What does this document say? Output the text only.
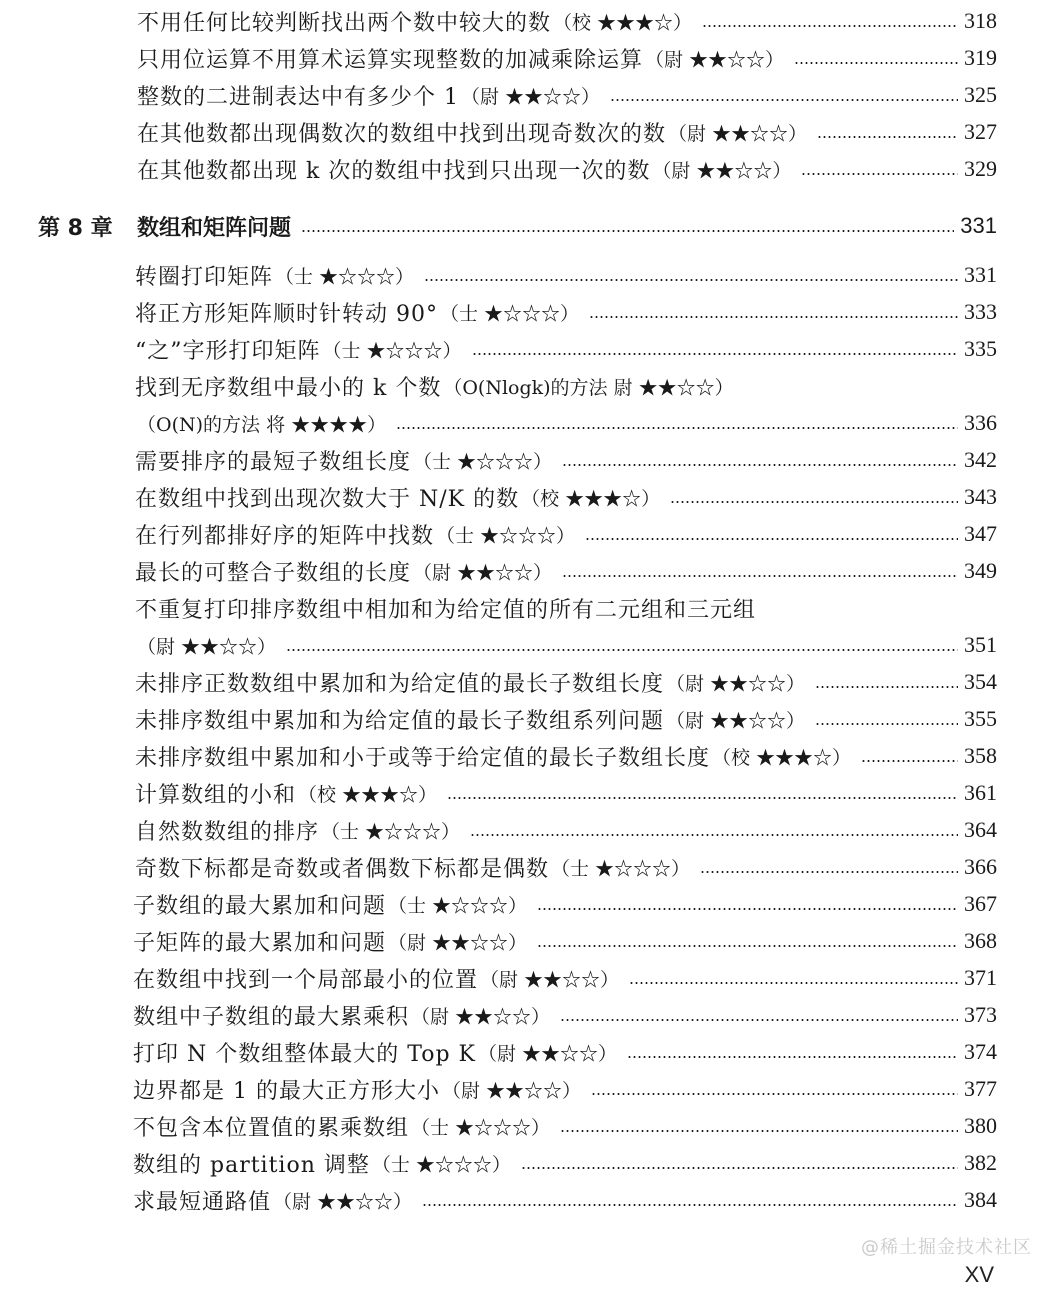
不用任何比较判断找出两个数中较大的数 （校 ★★★☆）	318
只用位运算不用算术运算实现整数的加减乘除运算 （尉 ★★☆☆）	319
整数的二进制表达中有多少个 1 （尉 ★★☆☆）	325
在其他数都出现偶数次的数组中找到出现奇数次的数 （尉 ★★☆☆）	327
在其他数都出现 k 次的数组中找到只出现一次的数 （尉 ★★☆☆）	329
第 8 章 数组和矩阵问题	331
转圈打印矩阵 （士 ★☆☆☆）	331
将正方形矩阵顺时针转动 90° （士 ★☆☆☆）	333
“之”字形打印矩阵 （士 ★☆☆☆）	335
找到无序数组中最小的 k 个数 （O(Nlogk)的方法 尉 ★★☆☆）
（O(N)的方法 将 ★★★★）	336
需要排序的最短子数组长度 （士 ★☆☆☆）	342
在数组中找到出现次数大于 N/K 的数 （校 ★★★☆）	343
在行列都排好序的矩阵中找数 （士 ★☆☆☆）	347
最长的可整合子数组的长度 （尉 ★★☆☆）	349
不重复打印排序数组中相加和为给定值的所有二元组和三元组
（尉 ★★☆☆）	351
未排序正数数组中累加和为给定值的最长子数组长度 （尉 ★★☆☆）	354
未排序数组中累加和为给定值的最长子数组系列问题 （尉 ★★☆☆）	355
未排序数组中累加和小于或等于给定值的最长子数组长度 （校 ★★★☆）	358
计算数组的小和 （校 ★★★☆）	361
自然数数组的排序 （士 ★☆☆☆）	364
奇数下标都是奇数或者偶数下标都是偶数 （士 ★☆☆☆）	366
子数组的最大累加和问题 （士 ★☆☆☆）	367
子矩阵的最大累加和问题 （尉 ★★☆☆）	368
在数组中找到一个局部最小的位置 （尉 ★★☆☆）	371
数组中子数组的最大累乘积 （尉 ★★☆☆）	373
打印 N 个数组整体最大的 Top K （尉 ★★☆☆）	374
边界都是 1 的最大正方形大小 （尉 ★★☆☆）	377
不包含本位置值的累乘数组 （士 ★☆☆☆）	380
数组的 partition 调整 （士 ★☆☆☆）	382
求最短通路值 （尉 ★★☆☆）	384
@稀土掘金技术社区
XV
